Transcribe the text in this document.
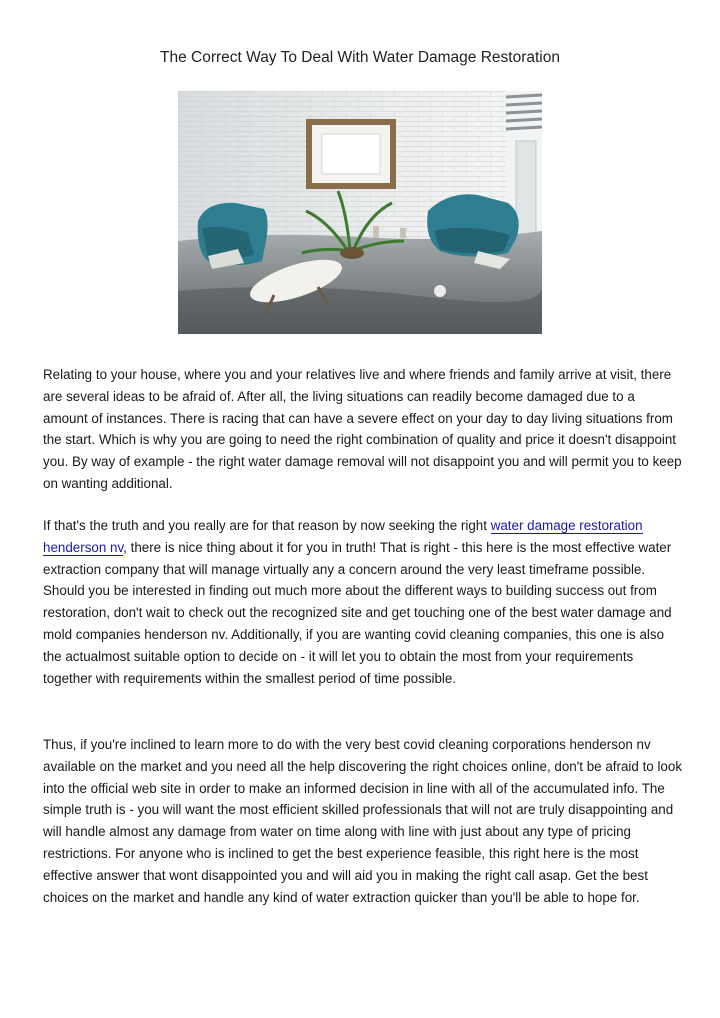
The Correct Way To Deal With Water Damage Restoration
Relating to your house, where you and your relatives live and where friends and family arrive at visit, there are several ideas to be afraid of. After all, the living situations can readily become damaged due to a amount of instances. There is racing that can have a severe effect on your day to day living situations from the start. Which is why you are going to need the right combination of quality and price it doesn't disappoint you. By way of example - the right water damage removal will not disappoint you and will permit you to keep on wanting additional.
If that's the truth and you really are for that reason by now seeking the right water damage restoration henderson nv, there is nice thing about it for you in truth! That is right - this here is the most effective water extraction company that will manage virtually any a concern around the very least timeframe possible. Should you be interested in finding out much more about the different ways to building success out from restoration, don't wait to check out the recognized site and get touching one of the best water damage and mold companies henderson nv. Additionally, if you are wanting covid cleaning companies, this one is also the actualmost suitable option to decide on - it will let you to obtain the most from your requirements together with requirements within the smallest period of time possible.
Thus, if you're inclined to learn more to do with the very best covid cleaning corporations henderson nv available on the market and you need all the help discovering the right choices online, don't be afraid to look into the official web site in order to make an informed decision in line with all of the accumulated info. The simple truth is - you will want the most efficient skilled professionals that will not are truly disappointing and will handle almost any damage from water on time along with line with just about any type of pricing restrictions. For anyone who is inclined to get the best experience feasible, this right here is the most effective answer that wont disappointed you and will aid you in making the right call asap. Get the best choices on the market and handle any kind of water extraction quicker than you'll be able to hope for.
